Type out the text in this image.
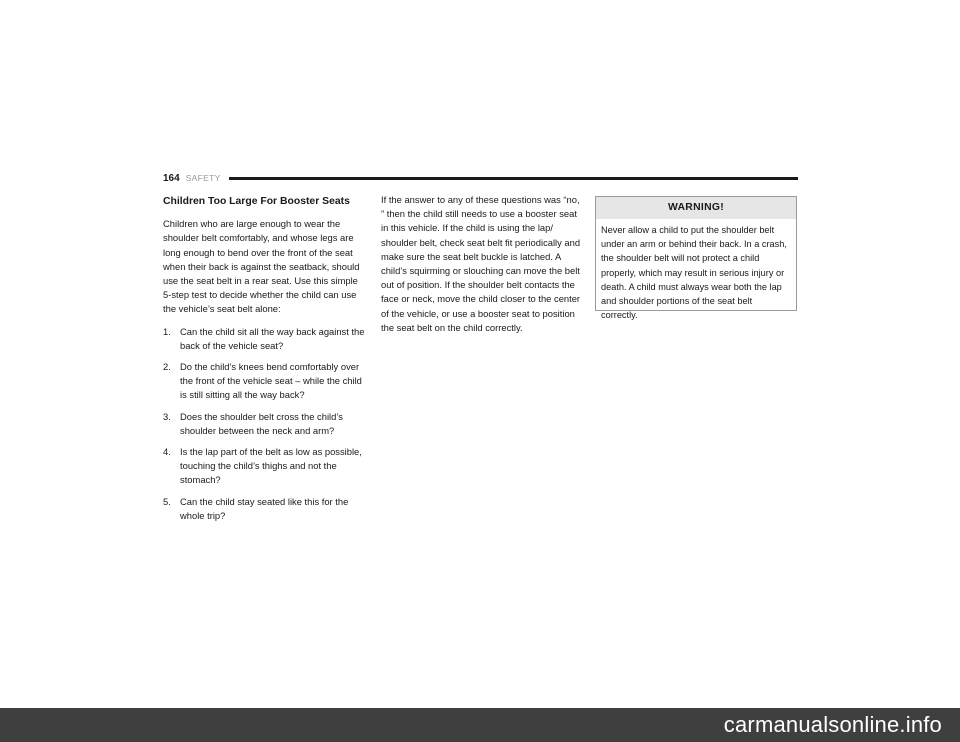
164 SAFETY
Children Too Large For Booster Seats

Children who are large enough to wear the shoulder belt comfortably, and whose legs are long enough to bend over the front of the seat when their back is against the seatback, should use the seat belt in a rear seat. Use this simple 5-step test to decide whether the child can use the vehicle’s seat belt alone:

1. Can the child sit all the way back against the back of the vehicle seat?
2. Do the child’s knees bend comfortably over the front of the vehicle seat – while the child is still sitting all the way back?
3. Does the shoulder belt cross the child’s shoulder between the neck and arm?
4. Is the lap part of the belt as low as possible, touching the child’s thighs and not the stomach?
5. Can the child stay seated like this for the whole trip?

If the answer to any of these questions was “no, ” then the child still needs to use a booster seat in this vehicle. If the child is using the lap/ shoulder belt, check seat belt fit periodically and make sure the seat belt buckle is latched. A child’s squirming or slouching can move the belt out of position. If the shoulder belt contacts the face or neck, move the child closer to the center of the vehicle, or use a booster seat to position the seat belt on the child correctly.

WARNING!
Never allow a child to put the shoulder belt under an arm or behind their back. In a crash, the shoulder belt will not protect a child properly, which may result in serious injury or death. A child must always wear both the lap and shoulder portions of the seat belt correctly.
carmanualsonline.info
